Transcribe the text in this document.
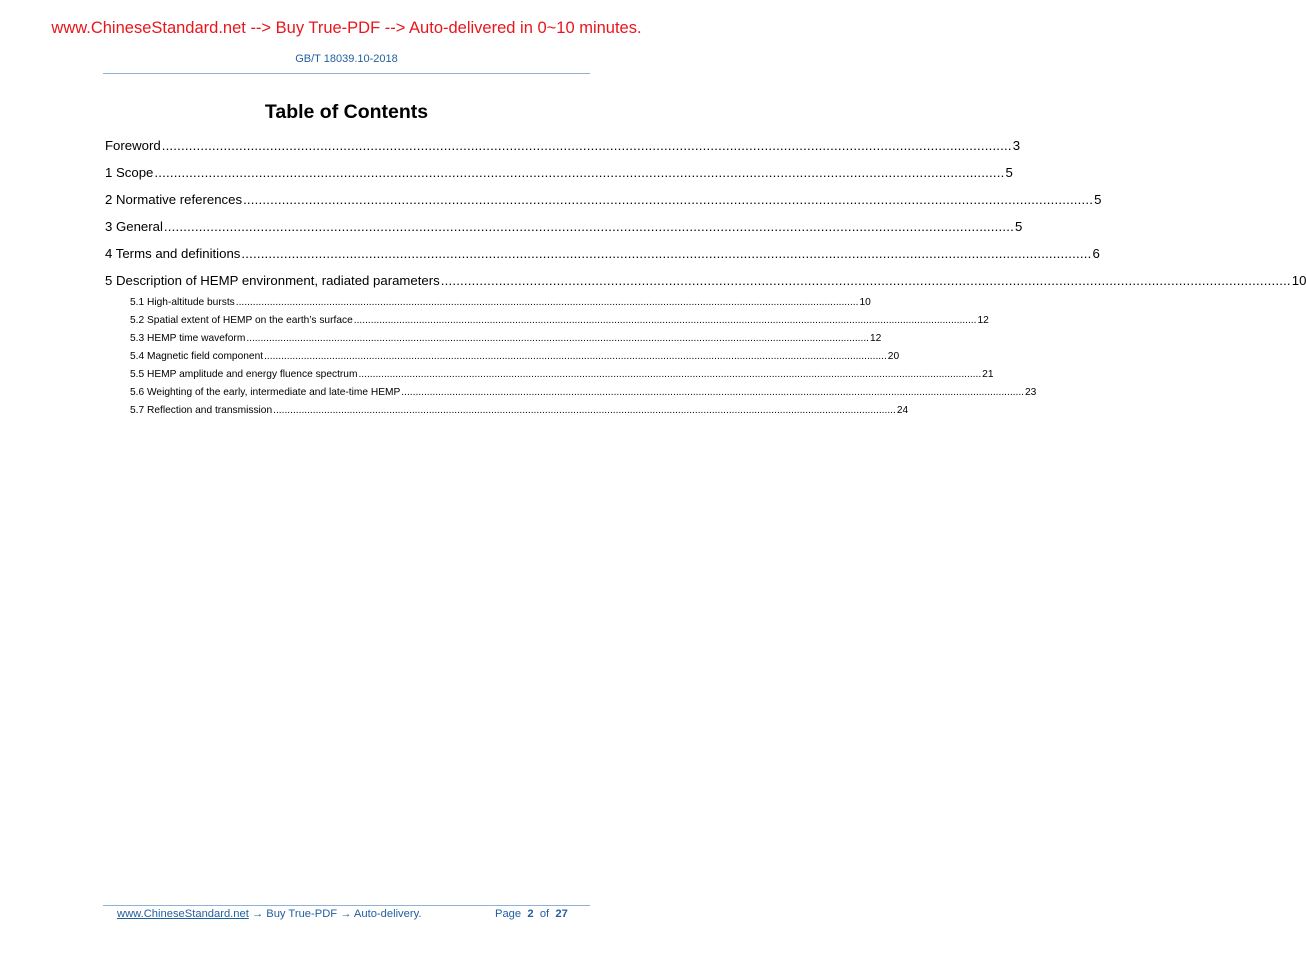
www.ChineseStandard.net --> Buy True-PDF --> Auto-delivered in 0~10 minutes.
GB/T 18039.10-2018
Table of Contents
Foreword ............................................................................................................................................................................................................................ 3
1 Scope ............................................................................................................................................................................................................................ 5
2 Normative references ............................................................................................................................................................................................................................ 5
3 General ............................................................................................................................................................................................................................ 5
4 Terms and definitions ............................................................................................................................................................................................................................ 6
5 Description of HEMP environment, radiated parameters ............................................................................................................................................................................................................................ 10
5.1 High-altitude bursts ............................................................................................................................................................................................................................ 10
5.2 Spatial extent of HEMP on the earth’s surface ............................................................................................................................................................................................................................ 12
5.3 HEMP time waveform ............................................................................................................................................................................................................................ 12
5.4 Magnetic field component ............................................................................................................................................................................................................................ 20
5.5 HEMP amplitude and energy fluence spectrum ............................................................................................................................................................................................................................ 21
5.6 Weighting of the early, intermediate and late-time HEMP ............................................................................................................................................................................................................................ 23
5.7 Reflection and transmission ............................................................................................................................................................................................................................ 24
www.ChineseStandard.net → Buy True-PDF → Auto-delivery.	Page 2 of 27
